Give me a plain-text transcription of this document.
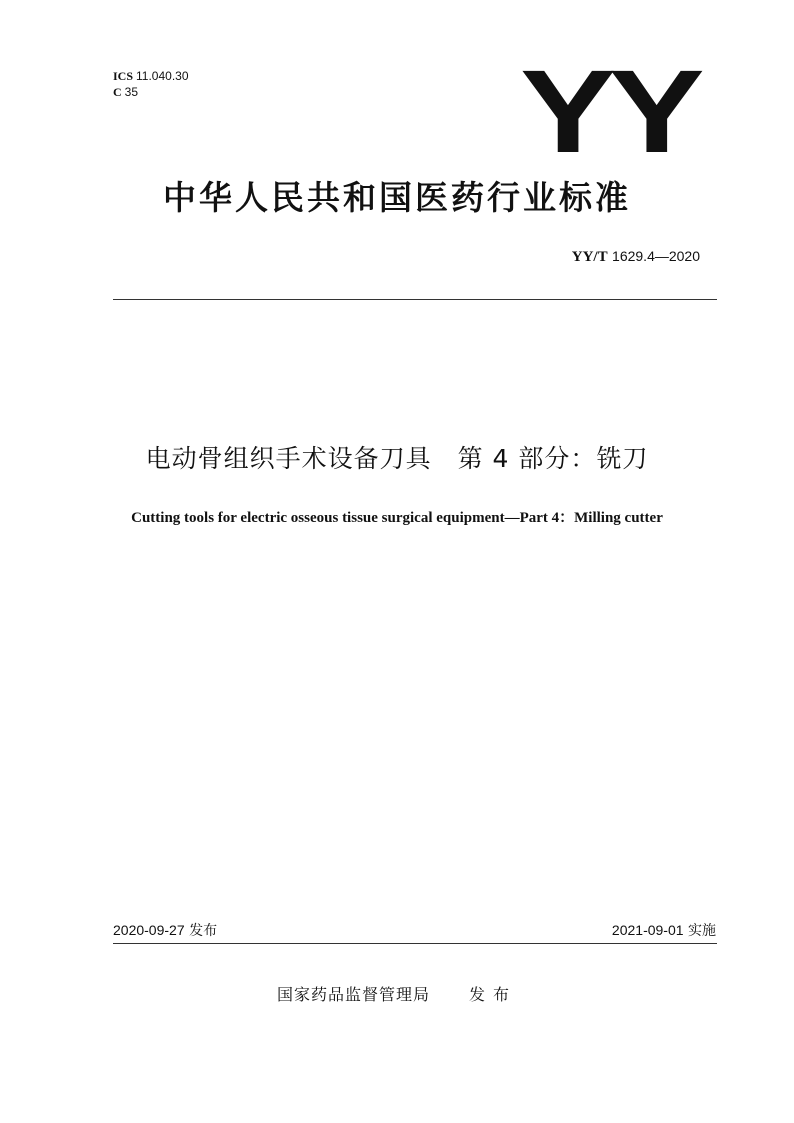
ICS 11.040.30
C 35	YY
中华人民共和国医药行业标准
YY/T 1629.4—2020
电动骨组织手术设备刀具　第 4 部分：铣刀
Cutting tools for electric osseous tissue surgical equipment—Part 4：Milling cutter
2020-09-27 发布	2021-09-01 实施
国家药品监督管理局 发布
